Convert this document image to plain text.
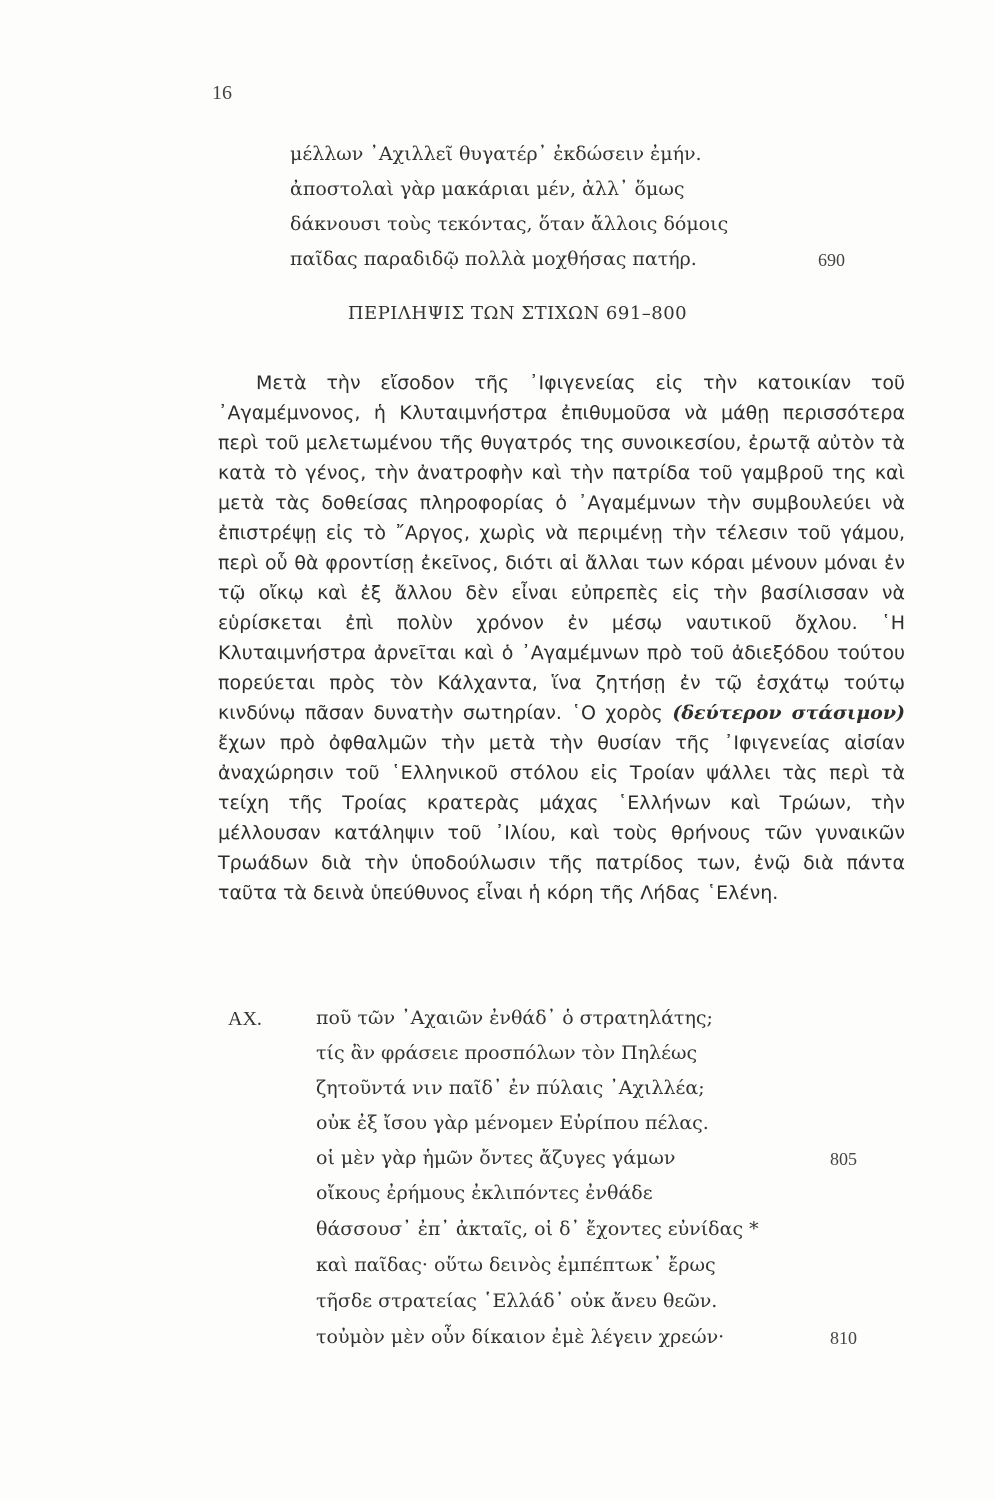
16
μέλλων ᾿Αχιλλεῖ θυγατέρ᾿ ἐκδώσειν ἐμήν.
ἀποστολαὶ γὰρ μακάριαι μέν, ἀλλ᾿ ὅμως
δάκνουσι τοὺς τεκόντας, ὅταν ἄλλοις δόμοις
παῖδας παραδιδῷ πολλὰ μοχθήσας πατήρ.	690
ΠΕΡΙΛΗΨΙΣ ΤΩΝ ΣΤΙΧΩΝ 691–800
Μετὰ τὴν εἴσοδον τῆς ᾿Ιφιγενείας εἰς τὴν κατοικίαν τοῦ ᾿Αγαμέμνονος, ἡ Κλυταιμνήστρα ἐπιθυμοῦσα νὰ μάθῃ περισσότερα περὶ τοῦ μελετωμένου τῆς θυγατρός της συνοικεσίου, ἐρωτᾷ αὐτὸν τὰ κατὰ τὸ γένος, τὴν ἀνατροφὴν καὶ τὴν πατρίδα τοῦ γαμβροῦ της καὶ μετὰ τὰς δοθείσας πληροφορίας ὁ ᾿Αγαμέμνων τὴν συμβουλεύει νὰ ἐπιστρέψῃ εἰς τὸ ῎Αργος, χωρὶς νὰ περιμένῃ τὴν τέλεσιν τοῦ γάμου, περὶ οὗ θὰ φροντίσῃ ἐκεῖνος, διότι αἱ ἄλλαι των κόραι μένουν μόναι ἐν τῷ οἴκῳ καὶ ἐξ ἄλλου δὲν εἶναι εὐπρεπὲς εἰς τὴν βασίλισσαν νὰ εὑρίσκεται ἐπὶ πολὺν χρόνον ἐν μέσῳ ναυτικοῦ ὄχλου. ῾Η Κλυταιμνήστρα ἀρνεῖται καὶ ὁ ᾿Αγαμέμνων πρὸ τοῦ ἀδιεξόδου τούτου πορεύεται πρὸς τὸν Κάλχαντα, ἵνα ζητήσῃ ἐν τῷ ἐσχάτῳ τούτῳ κινδύνῳ πᾶσαν δυνατὴν σωτηρίαν. ῾Ο χορὸς (δεύτερον στάσιμον) ἔχων πρὸ ὀφθαλμῶν τὴν μετὰ τὴν θυσίαν τῆς ᾿Ιφιγενείας αἰσίαν ἀναχώρησιν τοῦ ῾Ελληνικοῦ στόλου εἰς Τροίαν ψάλλει τὰς περὶ τὰ τείχη τῆς Τροίας κρατερὰς μάχας ῾Ελλήνων καὶ Τρώων, τὴν μέλλουσαν κατάληψιν τοῦ ᾿Ιλίου, καὶ τοὺς θρήνους τῶν γυναικῶν Τρωάδων διὰ τὴν ὑποδούλωσιν τῆς πατρίδος των, ἐνῷ διὰ πάντα ταῦτα τὰ δεινὰ ὑπεύθυνος εἶναι ἡ κόρη τῆς Λήδας ῾Ελένη.
ΑΧ.	ποῦ τῶν ᾿Αχαιῶν ἐνθάδ᾿ ὁ στρατηλάτης;
τίς ἂν φράσειε προσπόλων τὸν Πηλέως
ζητοῦντά νιν παῖδ᾿ ἐν πύλαις ᾿Αχιλλέα;
οὐκ ἐξ ἴσου γὰρ μένομεν Εὐρίπου πέλας.
οἱ μὲν γὰρ ἡμῶν ὄντες ἄζυγες γάμων	805
οἴκους ἐρήμους ἐκλιπόντες ἐνθάδε
θάσσουσ᾿ ἐπ᾿ ἀκταῖς, οἱ δ᾿ ἔχοντες εὐνίδας *
καὶ παῖδας· οὕτω δεινὸς ἐμπέπτωκ᾿ ἔρως
τῆσδε στρατείας ῾Ελλάδ᾿ οὐκ ἄνευ θεῶν.
τοὐμὸν μὲν οὖν δίκαιον ἐμὲ λέγειν χρεών·	810
